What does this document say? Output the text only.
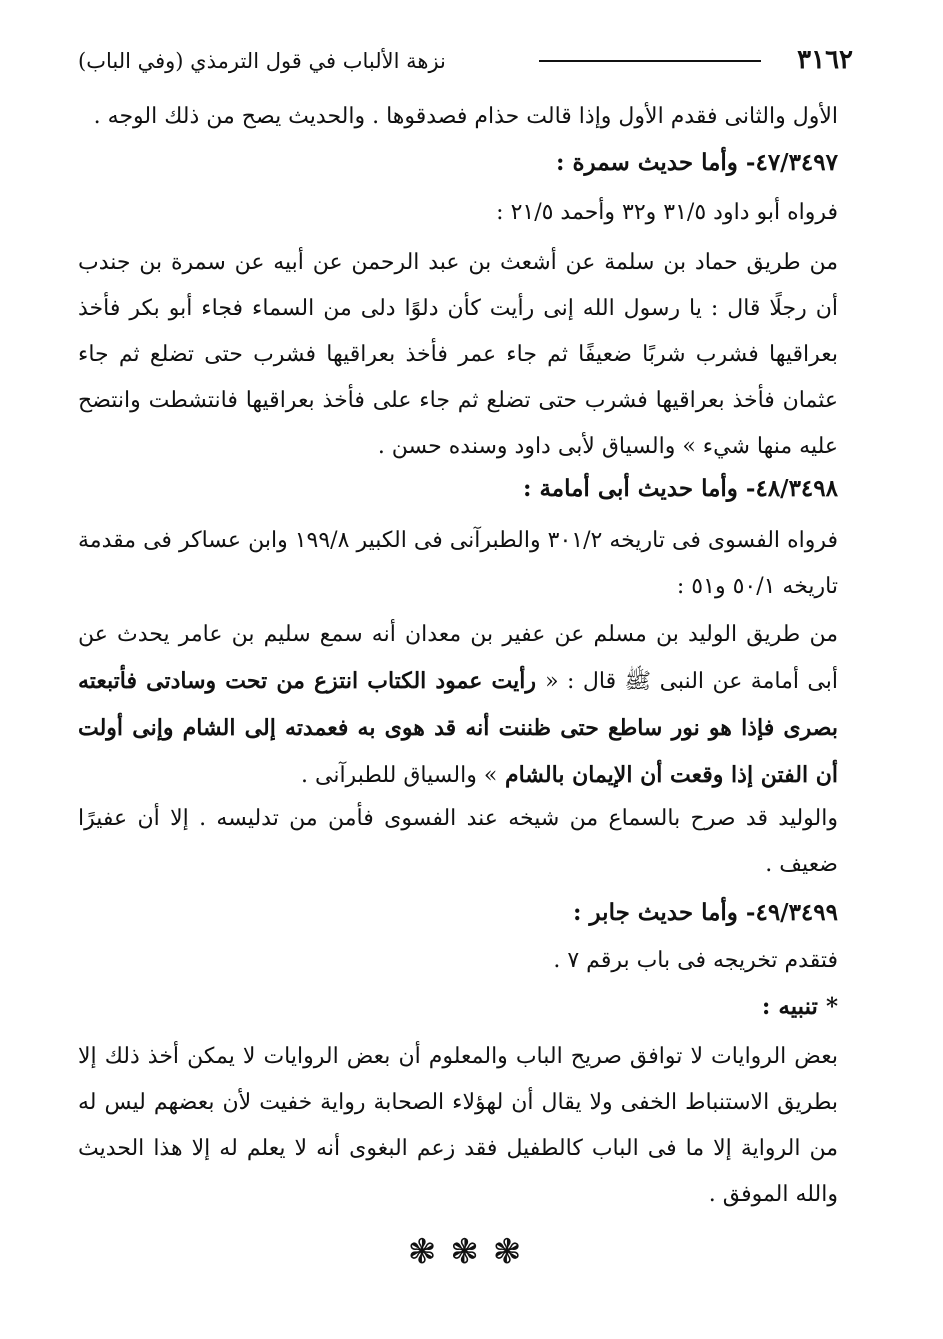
٣١٦٢
نزهة الألباب في قول الترمذي (وفي الباب)

الأول والثانى فقدم الأول وإذا قالت حذام فصدقوها . والحديث يصح من ذلك الوجه .

٤٧/٣٤٩٧- وأما حديث سمرة :

فرواه أبو داود ٣١/٥ و٣٢ وأحمد ٢١/٥ :

من طريق حماد بن سلمة عن أشعث بن عبد الرحمن عن أبيه عن سمرة بن جندب أن رجلًا قال : يا رسول الله إنى رأيت كأن دلوًا دلى من السماء فجاء أبو بكر فأخذ بعراقيها فشرب شربًا ضعيفًا ثم جاء عمر فأخذ بعراقيها فشرب حتى تضلع ثم جاء عثمان فأخذ بعراقيها فشرب حتى تضلع ثم جاء على فأخذ بعراقيها فانتشطت وانتضح عليه منها شيء » والسياق لأبى داود وسنده حسن .

٤٨/٣٤٩٨- وأما حديث أبى أمامة :

فرواه الفسوى فى تاريخه ٣٠١/٢ والطبرآنى فى الكبير ١٩٩/٨ وابن عساكر فى مقدمة تاريخه ٥٠/١ و٥١ :

من طريق الوليد بن مسلم عن عفير بن معدان أنه سمع سليم بن عامر يحدث عن أبى أمامة عن النبى ﷺ قال : « رأيت عمود الكتاب انتزع من تحت وسادتى فأتبعته بصرى فإذا هو نور ساطع حتى ظننت أنه قد هوى به فعمدته إلى الشام وإنى أولت أن الفتن إذا وقعت أن الإيمان بالشام » والسياق للطبرآنى .

والوليد قد صرح بالسماع من شيخه عند الفسوى فأمن من تدليسه . إلا أن عفيرًا ضعيف .

٤٩/٣٤٩٩- وأما حديث جابر :

فتقدم تخريجه فى باب برقم ٧ .

* تنبيه :

بعض الروايات لا توافق صريح الباب والمعلوم أن بعض الروايات لا يمكن أخذ ذلك إلا بطريق الاستنباط الخفى ولا يقال أن لهؤلاء الصحابة رواية خفيت لأن بعضهم ليس له من الرواية إلا ما فى الباب كالطفيل فقد زعم البغوى أنه لا يعلم له إلا هذا الحديث والله الموفق .

❃❃❃
